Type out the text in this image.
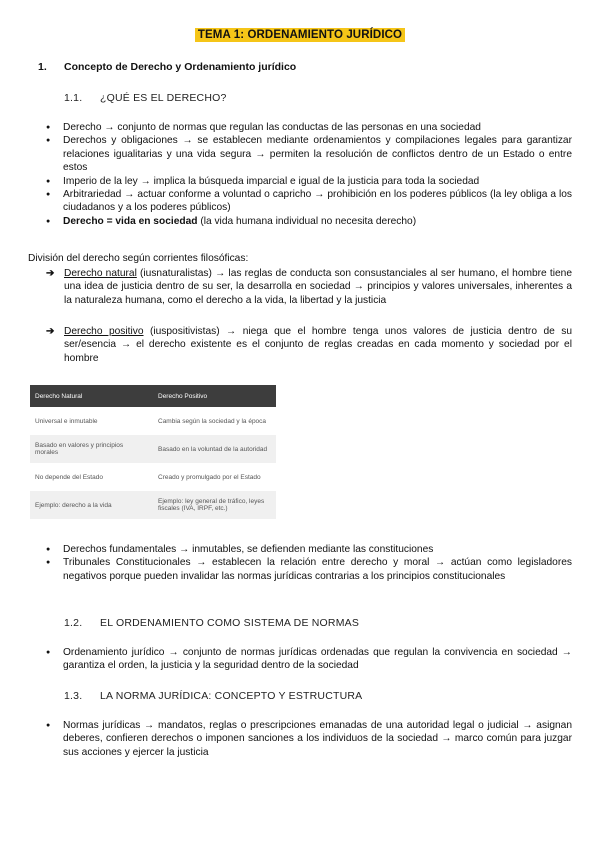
TEMA 1: ORDENAMIENTO JURÍDICO
1. Concepto de Derecho y Ordenamiento jurídico
1.1. ¿QUÉ ES EL DERECHO?
● Derecho → conjunto de normas que regulan las conductas de las personas en una sociedad
● Derechos y obligaciones → se establecen mediante ordenamientos y compilaciones legales para garantizar relaciones igualitarias y una vida segura → permiten la resolución de conflictos dentro de un Estado o entre estos
● Imperio de la ley → implica la búsqueda imparcial e igual de la justicia para toda la sociedad
● Arbitrariedad → actuar conforme a voluntad o capricho → prohibición en los poderes públicos (la ley obliga a los ciudadanos y a los poderes públicos)
● Derecho = vida en sociedad (la vida humana individual no necesita derecho)
División del derecho según corrientes filosóficas:
➔ Derecho natural (iusnaturalistas) → las reglas de conducta son consustanciales al ser humano, el hombre tiene una idea de justicia dentro de su ser, la desarrolla en sociedad → principios y valores universales, inherentes a la naturaleza humana, como el derecho a la vida, la libertad y la justicia
➔ Derecho positivo (iuspositivistas) → niega que el hombre tenga unos valores de justicia dentro de su ser/esencia → el derecho existente es el conjunto de reglas creadas en cada momento y sociedad por el hombre
Derecho Natural	Derecho Positivo
Universal e inmutable	Cambia según la sociedad y la época
Basado en valores y principios morales	Basado en la voluntad de la autoridad
No depende del Estado	Creado y promulgado por el Estado
Ejemplo: derecho a la vida	Ejemplo: ley general de tráfico, leyes fiscales (IVA, IRPF, etc.)
● Derechos fundamentales → inmutables, se defienden mediante las constituciones
● Tribunales Constitucionales → establecen la relación entre derecho y moral → actúan como legisladores negativos porque pueden invalidar las normas jurídicas contrarias a los principios constitucionales
1.2. EL ORDENAMIENTO COMO SISTEMA DE NORMAS
● Ordenamiento jurídico → conjunto de normas jurídicas ordenadas que regulan la convivencia en sociedad → garantiza el orden, la justicia y la seguridad dentro de la sociedad
1.3. LA NORMA JURÍDICA: CONCEPTO Y ESTRUCTURA
● Normas jurídicas → mandatos, reglas o prescripciones emanadas de una autoridad legal o judicial → asignan deberes, confieren derechos o imponen sanciones a los individuos de la sociedad → marco común para juzgar sus acciones y ejercer la justicia
